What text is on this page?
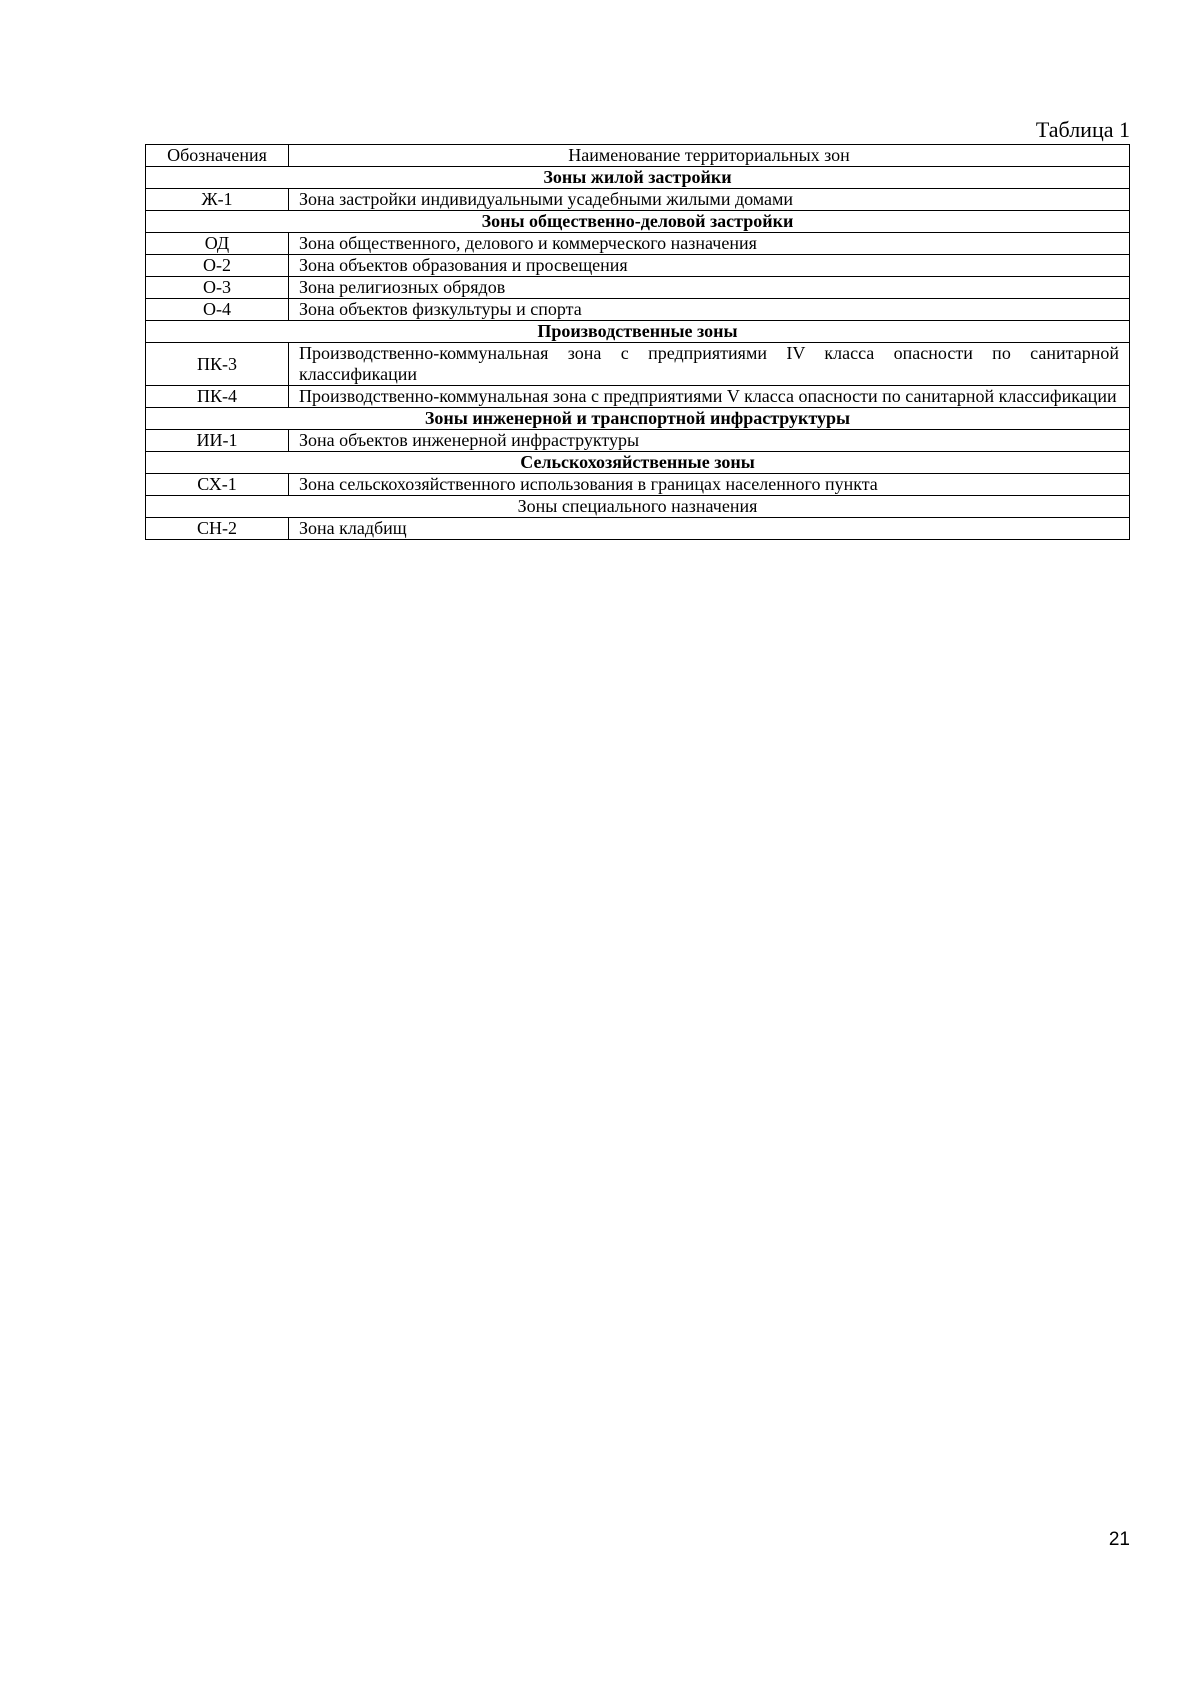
Таблица 1
Обозначения	Наименование территориальных зон
Зоны жилой застройки	
Ж-1	Зона застройки индивидуальными усадебными жилыми домами
Зоны общественно-деловой застройки	
ОД	Зона общественного, делового и коммерческого назначения
О-2	Зона объектов образования и просвещения
О-3	Зона религиозных обрядов
О-4	Зона объектов физкультуры и спорта
Производственные зоны	
ПК-3	Производственно-коммунальная зона с предприятиями IV класса опасности по санитарной классификации
ПК-4	Производственно-коммунальная зона с предприятиями V класса опасности по санитарной классификации
Зоны инженерной и транспортной инфраструктуры	
ИИ-1	Зона объектов инженерной инфраструктуры
Сельскохозяйственные зоны	
СХ-1	Зона сельскохозяйственного использования в границах населенного пункта
Зоны специального назначения	
СН-2	Зона кладбищ
21
